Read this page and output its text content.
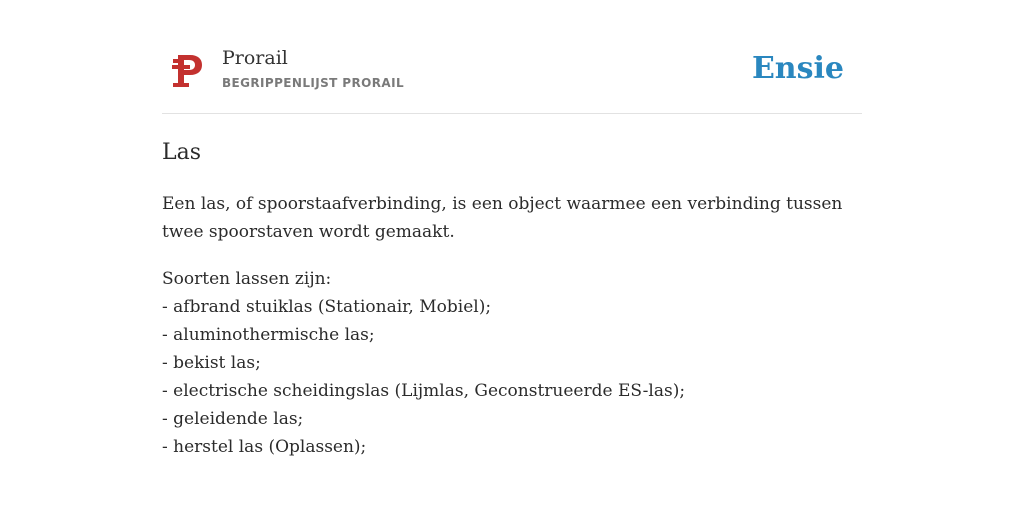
Prorail
BEGRIPPENLIJST PRORAIL	Ensie
Las

Een las, of spoorstaafverbinding, is een object waarmee een verbinding tussen twee spoorstaven wordt gemaakt.

Soorten lassen zijn:
- afbrand stuiklas (Stationair, Mobiel);
- aluminothermische las;
- bekist las;
- electrische scheidingslas (Lijmlas, Geconstrueerde ES-las);
- geleidende las;
- herstel las (Oplassen);
